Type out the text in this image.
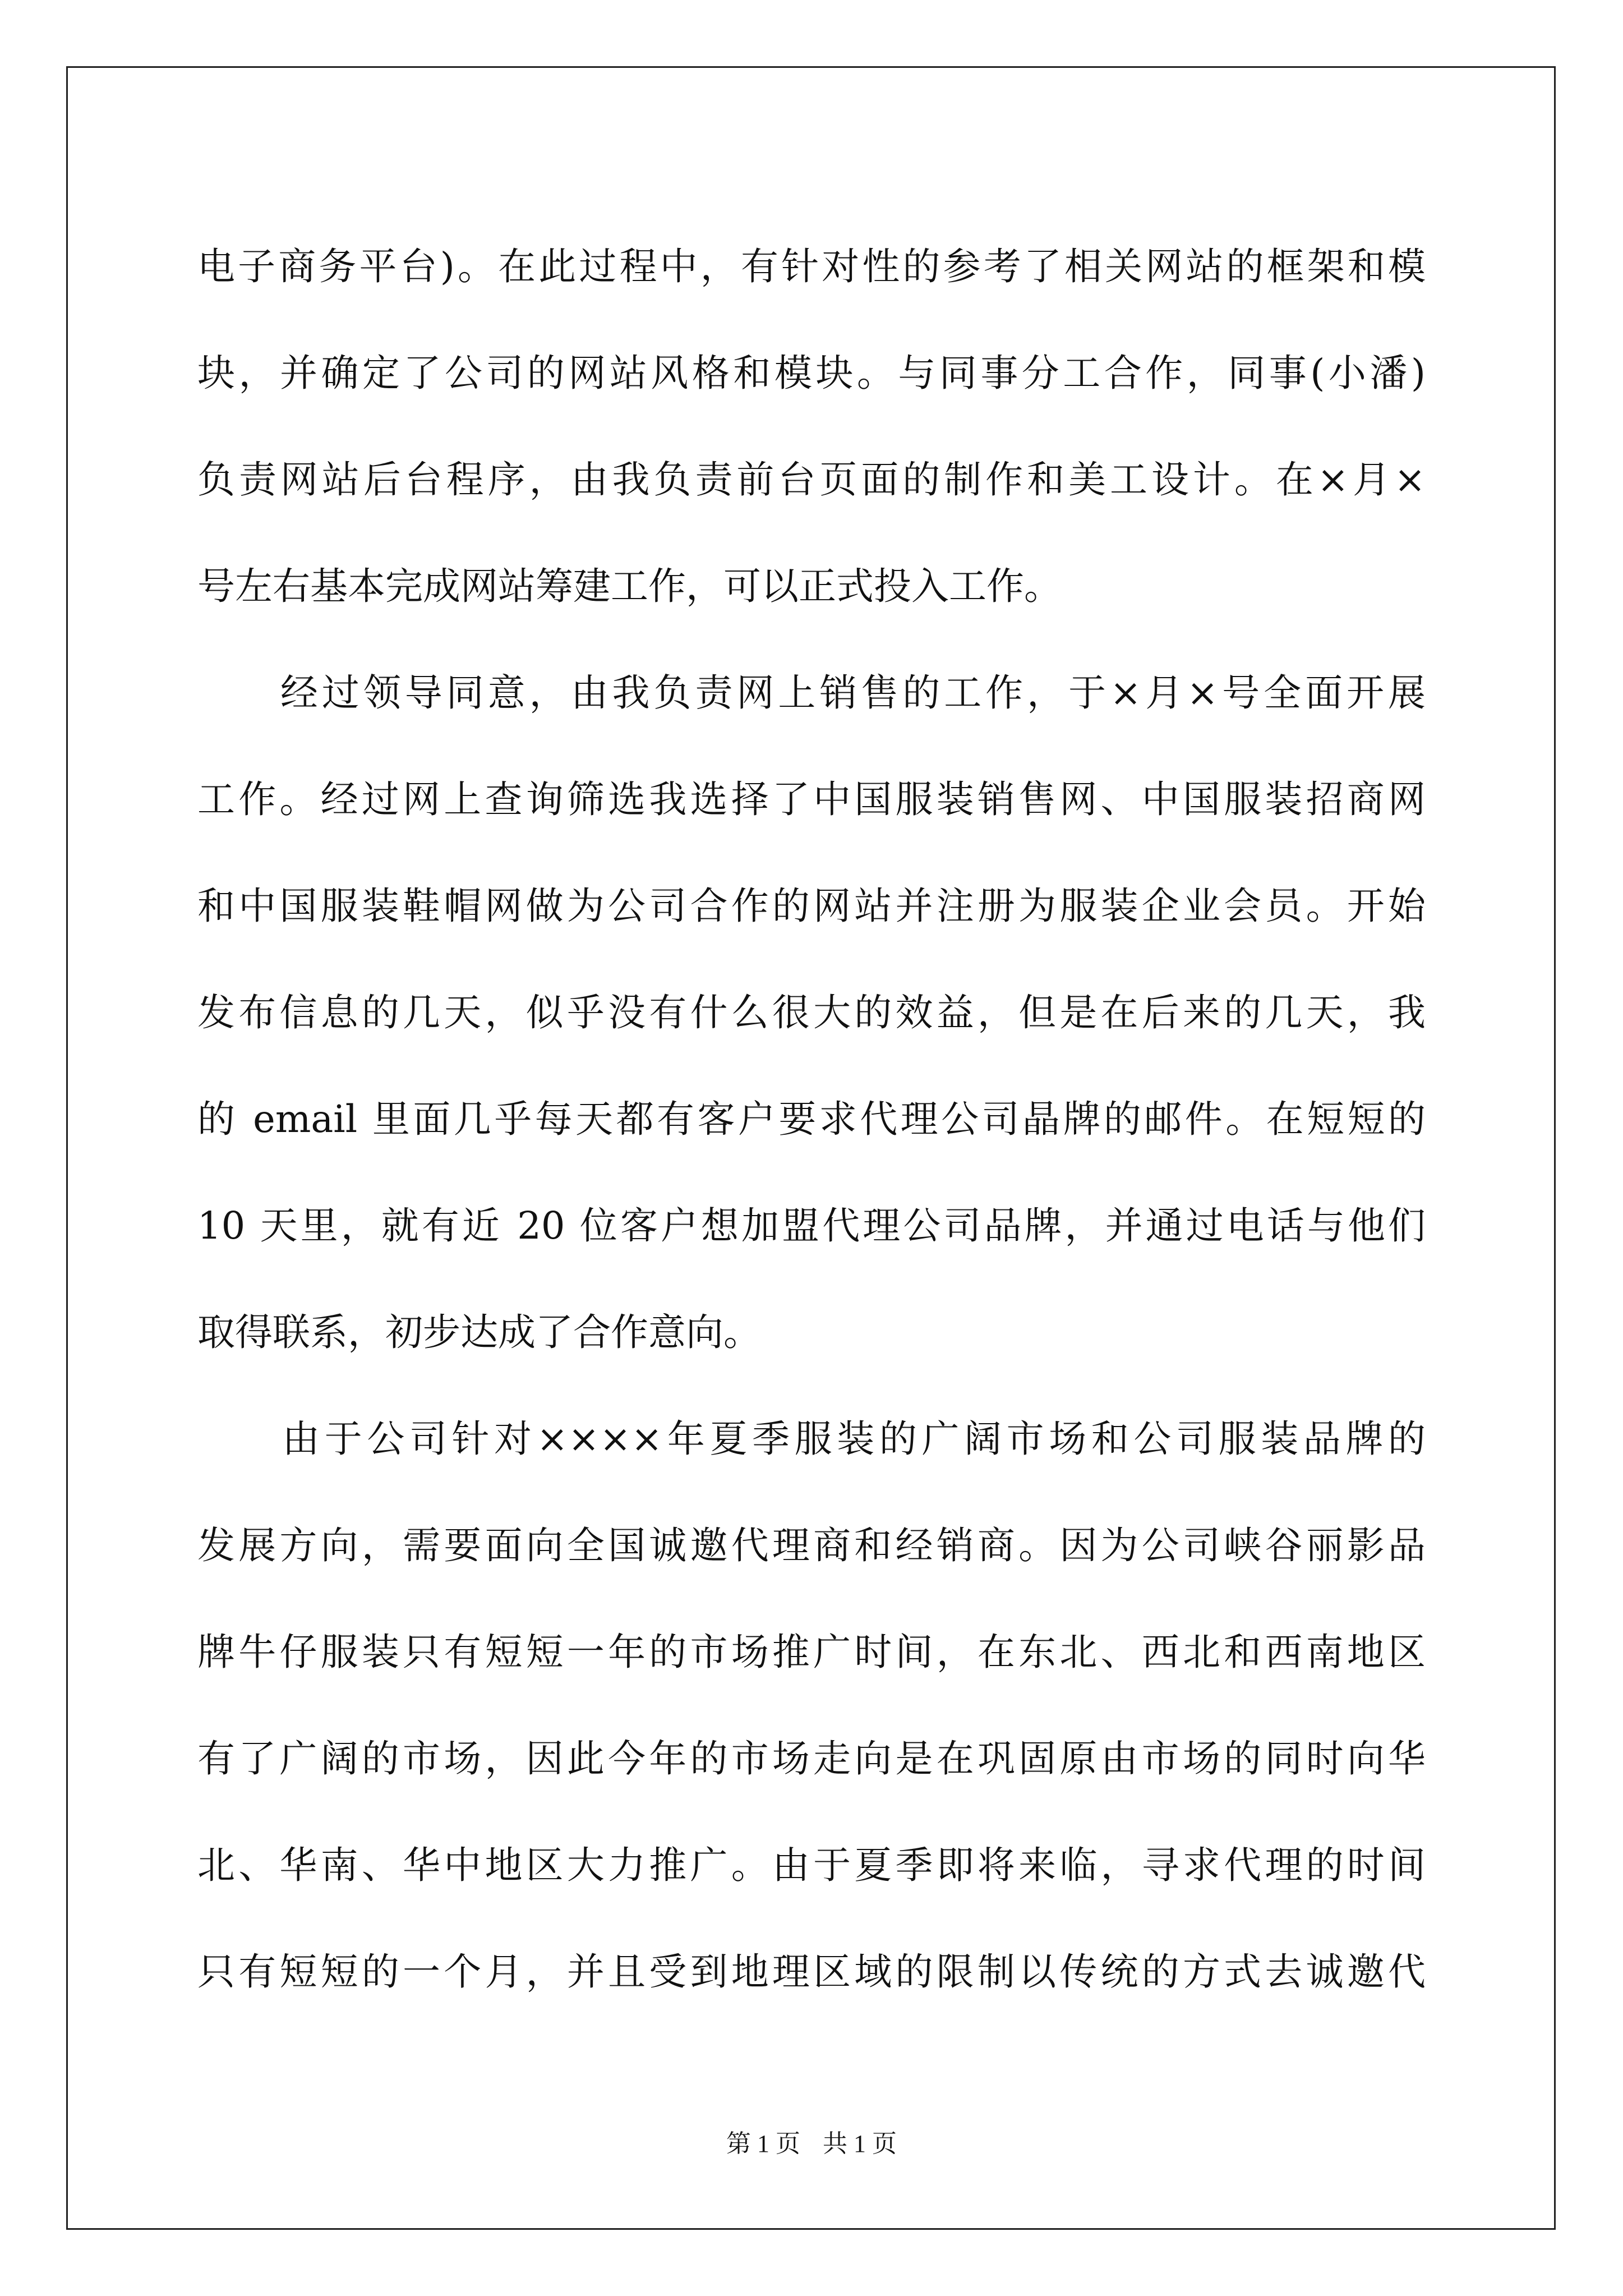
电子商务平台)。在此过程中，有针对性的参考了相关网站的框架和模
块，并确定了公司的网站风格和模块。与同事分工合作，同事(小潘)
负责网站后台程序，由我负责前台页面的制作和美工设计。在×月×
号左右基本完成网站筹建工作，可以正式投入工作。
　　经过领导同意，由我负责网上销售的工作，于×月×号全面开展
工作。经过网上查询筛选我选择了中国服装销售网、中国服装招商网
和中国服装鞋帽网做为公司合作的网站并注册为服装企业会员。开始
发布信息的几天，似乎没有什么很大的效益，但是在后来的几天，我
的 email 里面几乎每天都有客户要求代理公司晶牌的邮件。在短短的
10 天里，就有近 20 位客户想加盟代理公司品牌，并通过电话与他们
取得联系，初步达成了合作意向。
　　由于公司针对××××年夏季服装的广阔市场和公司服装品牌的
发展方向，需要面向全国诚邀代理商和经销商。因为公司峡谷丽影品
牌牛仔服装只有短短一年的市场推广时间，在东北、西北和西南地区
有了广阔的市场，因此今年的市场走向是在巩固原由市场的同时向华
北、华南、华中地区大力推广。由于夏季即将来临，寻求代理的时间
只有短短的一个月，并且受到地理区域的限制以传统的方式去诚邀代
第 1 页 共 1 页
